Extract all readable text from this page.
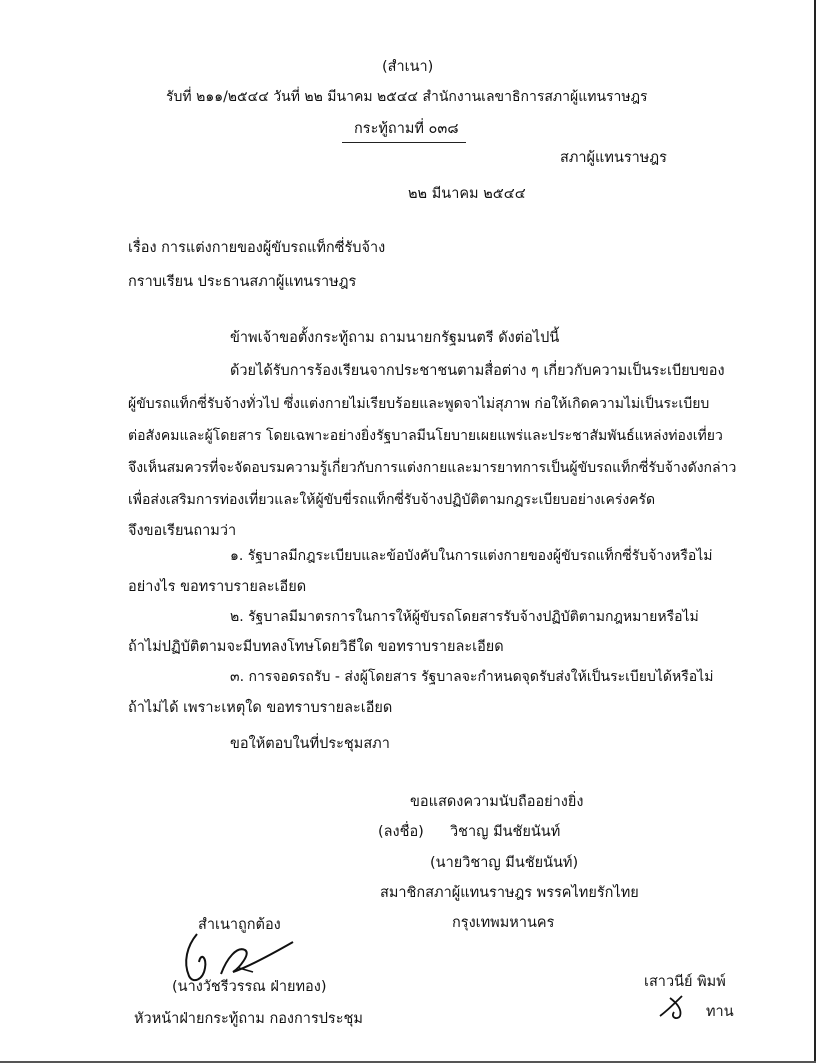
(สำเนา)
รับที่ ๒๑๑/๒๕๔๔ วันที่ ๒๒ มีนาคม ๒๕๔๔ สำนักงานเลขาธิการสภาผู้แทนราษฎร
กระทู้ถามที่ ๐๓๘
สภาผู้แทนราษฎร
๒๒ มีนาคม ๒๕๔๔
เรื่อง การแต่งกายของผู้ขับรถแท็กซี่รับจ้าง
กราบเรียน ประธานสภาผู้แทนราษฎร
ข้าพเจ้าขอตั้งกระทู้ถาม ถามนายกรัฐมนตรี ดังต่อไปนี้
ด้วยได้รับการร้องเรียนจากประชาชนตามสื่อต่าง ๆ เกี่ยวกับความเป็นระเบียบของ
ผู้ขับรถแท็กซี่รับจ้างทั่วไป ซึ่งแต่งกายไม่เรียบร้อยและพูดจาไม่สุภาพ ก่อให้เกิดความไม่เป็นระเบียบ
ต่อสังคมและผู้โดยสาร โดยเฉพาะอย่างยิ่งรัฐบาลมีนโยบายเผยแพร่และประชาสัมพันธ์แหล่งท่องเที่ยว
จึงเห็นสมควรที่จะจัดอบรมความรู้เกี่ยวกับการแต่งกายและมารยาทการเป็นผู้ขับรถแท็กซี่รับจ้างดังกล่าว
เพื่อส่งเสริมการท่องเที่ยวและให้ผู้ขับขี่รถแท็กซี่รับจ้างปฏิบัติตามกฎระเบียบอย่างเคร่งครัด
จึงขอเรียนถามว่า
๑. รัฐบาลมีกฎระเบียบและข้อบังคับในการแต่งกายของผู้ขับรถแท็กซี่รับจ้างหรือไม่
อย่างไร ขอทราบรายละเอียด
๒. รัฐบาลมีมาตรการในการให้ผู้ขับรถโดยสารรับจ้างปฏิบัติตามกฎหมายหรือไม่
ถ้าไม่ปฏิบัติตามจะมีบทลงโทษโดยวิธีใด ขอทราบรายละเอียด
๓. การจอดรถรับ - ส่งผู้โดยสาร รัฐบาลจะกำหนดจุดรับส่งให้เป็นระเบียบได้หรือไม่
ถ้าไม่ได้ เพราะเหตุใด ขอทราบรายละเอียด
ขอให้ตอบในที่ประชุมสภา
ขอแสดงความนับถืออย่างยิ่ง
(ลงชื่อ) วิชาญ มีนชัยนันท์
(นายวิชาญ มีนชัยนันท์)
สมาชิกสภาผู้แทนราษฎร พรรคไทยรักไทย
กรุงเทพมหานคร
สำเนาถูกต้อง
(นางวัชรีวรรณ ฝ่ายทอง)
หัวหน้าฝ่ายกระทู้ถาม กองการประชุม
เสาวนีย์ พิมพ์
ทาน
